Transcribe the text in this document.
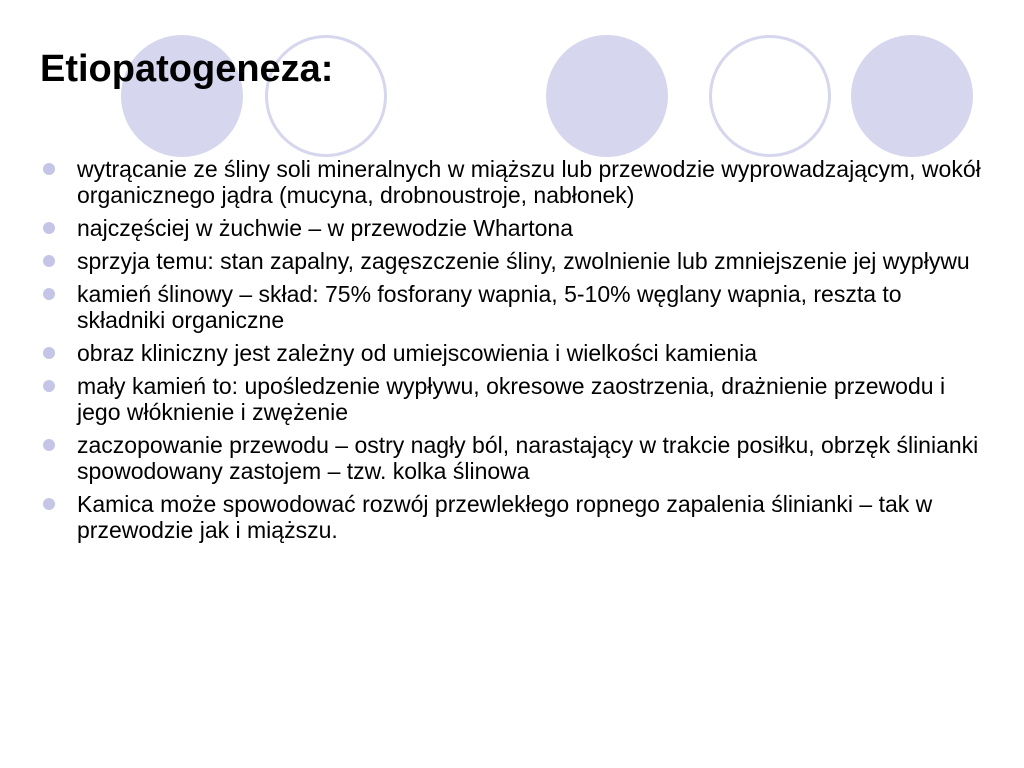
Etiopatogeneza:
wytrącanie ze śliny soli mineralnych w miąższu lub przewodzie wyprowadzającym, wokół organicznego jądra (mucyna, drobnoustroje, nabłonek)
najczęściej w żuchwie – w przewodzie Whartona
sprzyja temu: stan zapalny, zagęszczenie śliny, zwolnienie lub zmniejszenie jej wypływu
kamień ślinowy – skład: 75% fosforany wapnia, 5-10% węglany wapnia, reszta to składniki organiczne
obraz kliniczny jest zależny od umiejscowienia i wielkości kamienia
mały kamień to: upośledzenie wypływu, okresowe zaostrzenia, drażnienie przewodu i jego włóknienie i zwężenie
zaczopowanie przewodu – ostry nagły ból, narastający w trakcie posiłku, obrzęk ślinianki spowodowany zastojem – tzw. kolka ślinowa
Kamica może spowodować rozwój przewlekłego ropnego zapalenia ślinianki – tak w przewodzie jak i miąższu.
